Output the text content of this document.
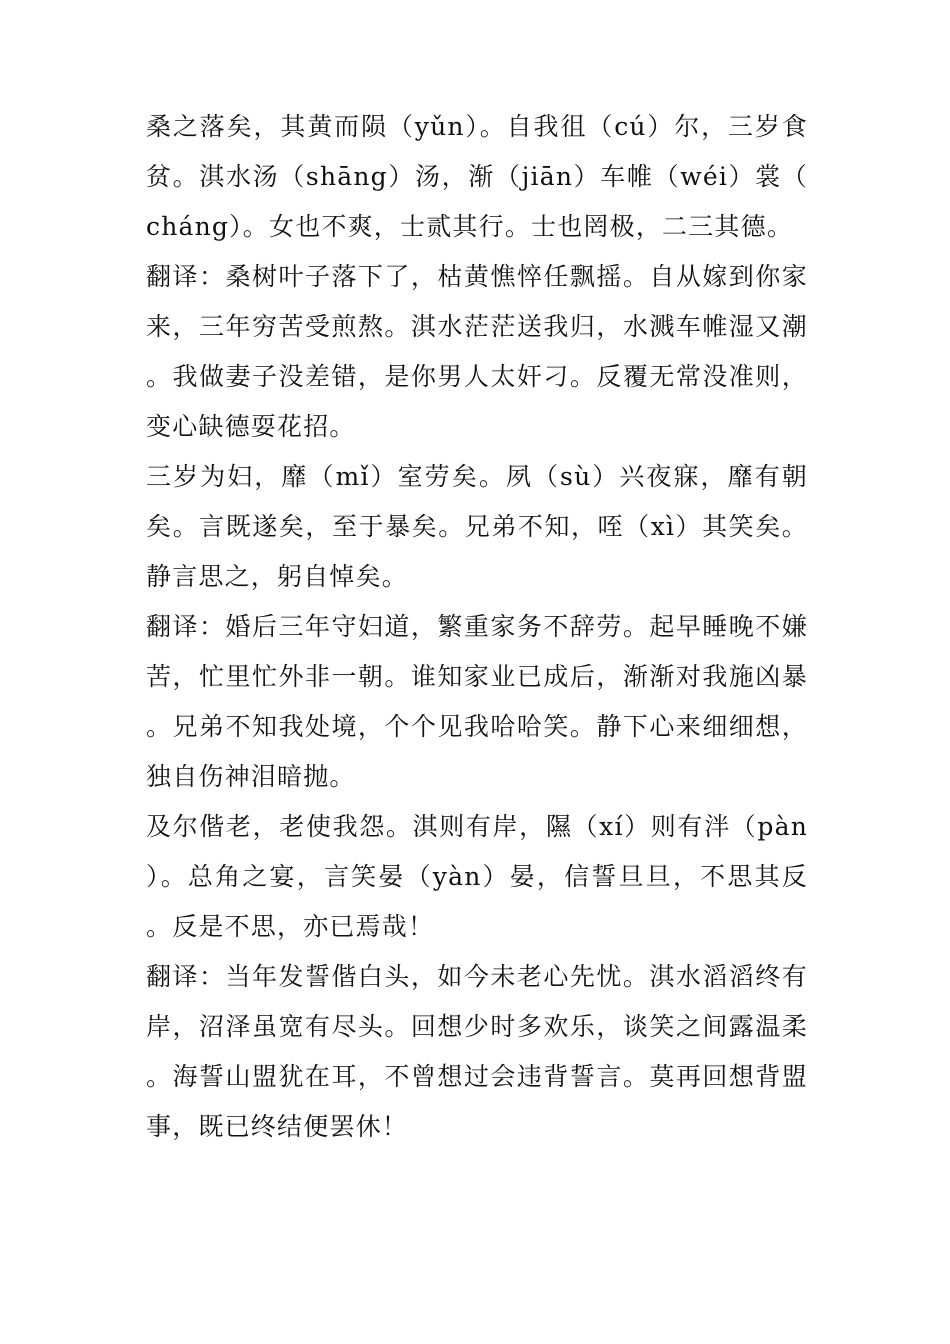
桑之落矣，其黄而陨（yǔn）。自我徂（cú）尔，三岁食贫。淇水汤（shāng）汤，渐（jiān）车帷（wéi）裳（cháng）。女也不爽，士贰其行。士也罔极，二三其德。

翻译：桑树叶子落下了，枯黄憔悴任飘摇。自从嫁到你家来，三年穷苦受煎熬。淇水茫茫送我归，水溅车帷湿又潮。我做妻子没差错，是你男人太奸刁。反覆无常没准则，变心缺德耍花招。

三岁为妇，靡（mǐ）室劳矣。夙（sù）兴夜寐，靡有朝矣。言既遂矣，至于暴矣。兄弟不知，咥（xì）其笑矣。静言思之，躬自悼矣。

翻译：婚后三年守妇道，繁重家务不辞劳。起早睡晚不嫌苦，忙里忙外非一朝。谁知家业已成后，渐渐对我施凶暴。兄弟不知我处境，个个见我哈哈笑。静下心来细细想，独自伤神泪暗抛。

及尔偕老，老使我怨。淇则有岸，隰（xí）则有泮（pàn）。总角之宴，言笑晏（yàn）晏，信誓旦旦，不思其反。反是不思，亦已焉哉！

翻译：当年发誓偕白头，如今未老心先忧。淇水滔滔终有岸，沼泽虽宽有尽头。回想少时多欢乐，谈笑之间露温柔。海誓山盟犹在耳，不曾想过会违背誓言。莫再回想背盟事，既已终结便罢休！
